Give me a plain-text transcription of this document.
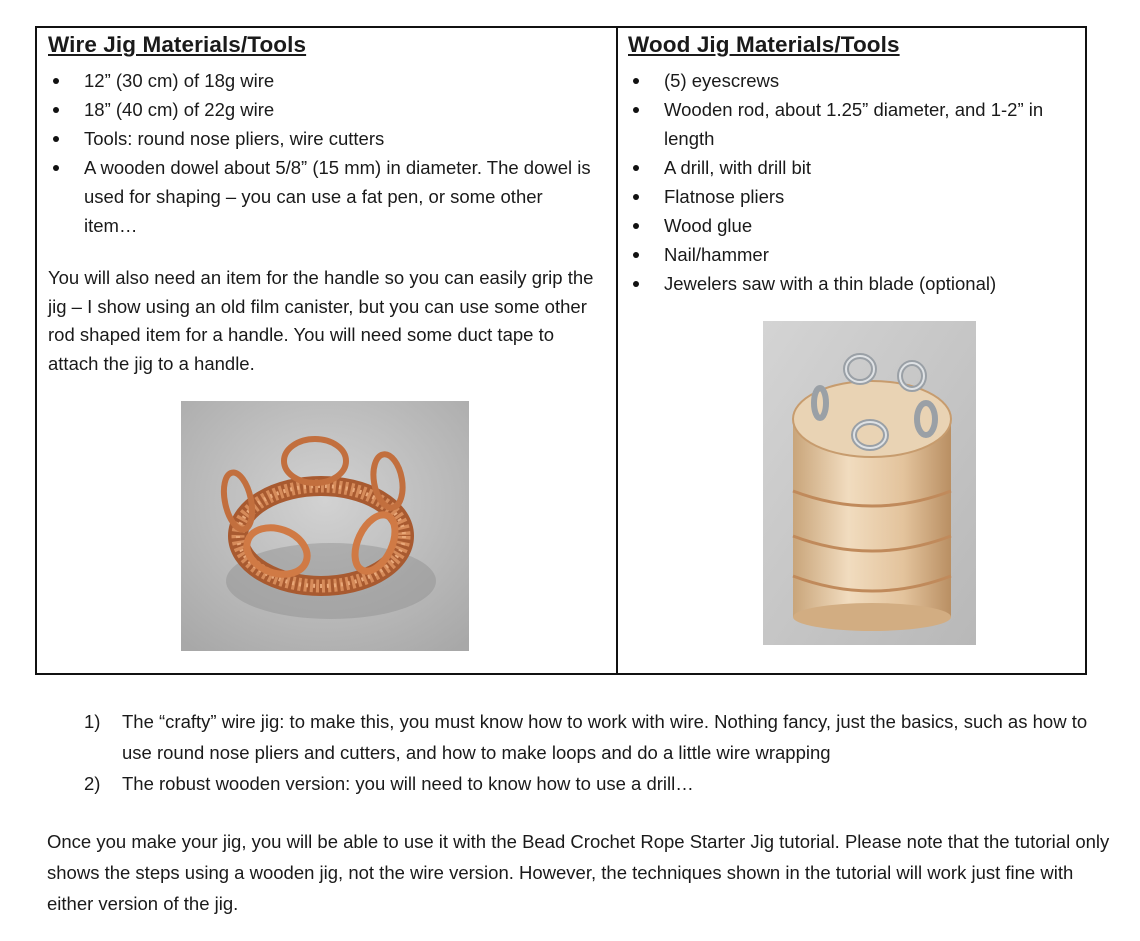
Wire Jig Materials/Tools
12” (30 cm) of 18g wire
18” (40 cm) of 22g wire
Tools: round nose pliers, wire cutters
A wooden dowel about 5/8” (15 mm) in diameter. The dowel is used for shaping – you can use a fat pen, or some other item…

You will also need an item for the handle so you can easily grip the jig – I show using an old film canister, but you can use some other rod shaped item for a handle. You will need some duct tape to attach the jig to a handle.

Wood Jig Materials/Tools
(5) eyescrews
Wooden rod, about 1.25” diameter, and 1-2” in length
A drill, with drill bit
Flatnose pliers
Wood glue
Nail/hammer
Jewelers saw with a thin blade (optional)
1) The “crafty” wire jig: to make this, you must know how to work with wire. Nothing fancy, just the basics, such as how to use round nose pliers and cutters, and how to make loops and do a little wire wrapping
2) The robust wooden version: you will need to know how to use a drill…

Once you make your jig, you will be able to use it with the Bead Crochet Rope Starter Jig tutorial. Please note that the tutorial only shows the steps using a wooden jig, not the wire version. However, the techniques shown in the tutorial will work just fine with either version of the jig.
